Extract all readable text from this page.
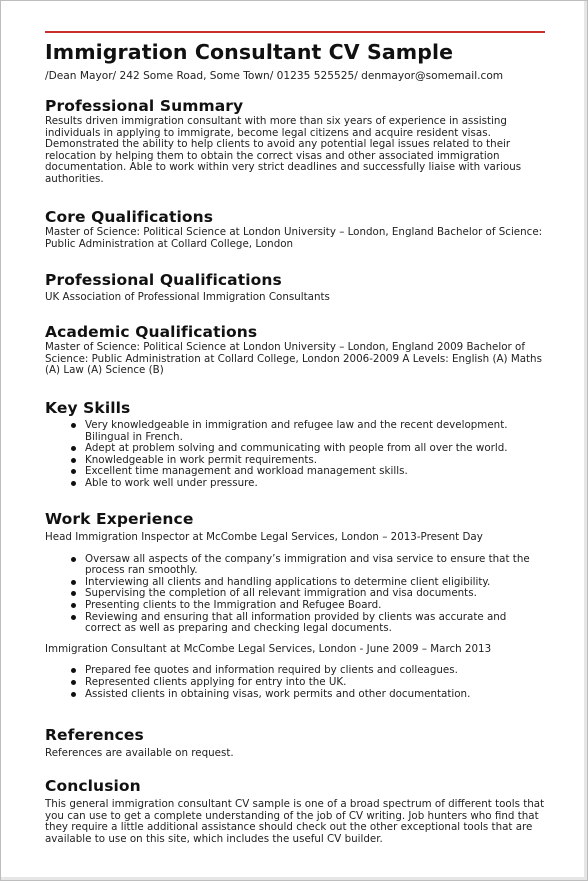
Immigration Consultant CV Sample
/Dean Mayor/ 242 Some Road, Some Town/ 01235 525525/ denmayor@somemail.com
Professional Summary

Results driven immigration consultant with more than six years of experience in assisting individuals in applying to immigrate, become legal citizens and acquire resident visas. Demonstrated the ability to help clients to avoid any potential legal issues related to their relocation by helping them to obtain the correct visas and other associated immigration documentation. Able to work within very strict deadlines and successfully liaise with various authorities.

Core Qualifications

Master of Science: Political Science at London University – London, England Bachelor of Science: Public Administration at Collard College, London

Professional Qualifications

UK Association of Professional Immigration Consultants

Academic Qualifications

Master of Science: Political Science at London University – London, England 2009 Bachelor of Science: Public Administration at Collard College, London 2006-2009 A Levels: English (A) Maths (A) Law (A) Science (B)

Key Skills
Very knowledgeable in immigration and refugee law and the recent development. Bilingual in French.
Adept at problem solving and communicating with people from all over the world.
Knowledgeable in work permit requirements.
Excellent time management and workload management skills.
Able to work well under pressure.
Work Experience

Head Immigration Inspector at McCombe Legal Services, London – 2013-Present Day

Oversaw all aspects of the company’s immigration and visa service to ensure that the process ran smoothly.
Interviewing all clients and handling applications to determine client eligibility.
Supervising the completion of all relevant immigration and visa documents.
Presenting clients to the Immigration and Refugee Board.
Reviewing and ensuring that all information provided by clients was accurate and correct as well as preparing and checking legal documents.

Immigration Consultant at McCombe Legal Services, London - June 2009 – March 2013

Prepared fee quotes and information required by clients and colleagues.
Represented clients applying for entry into the UK.
Assisted clients in obtaining visas, work permits and other documentation.
References

References are available on request.

Conclusion

This general immigration consultant CV sample is one of a broad spectrum of different tools that you can use to get a complete understanding of the job of CV writing. Job hunters who find that they require a little additional assistance should check out the other exceptional tools that are available to use on this site, which includes the useful CV builder.
